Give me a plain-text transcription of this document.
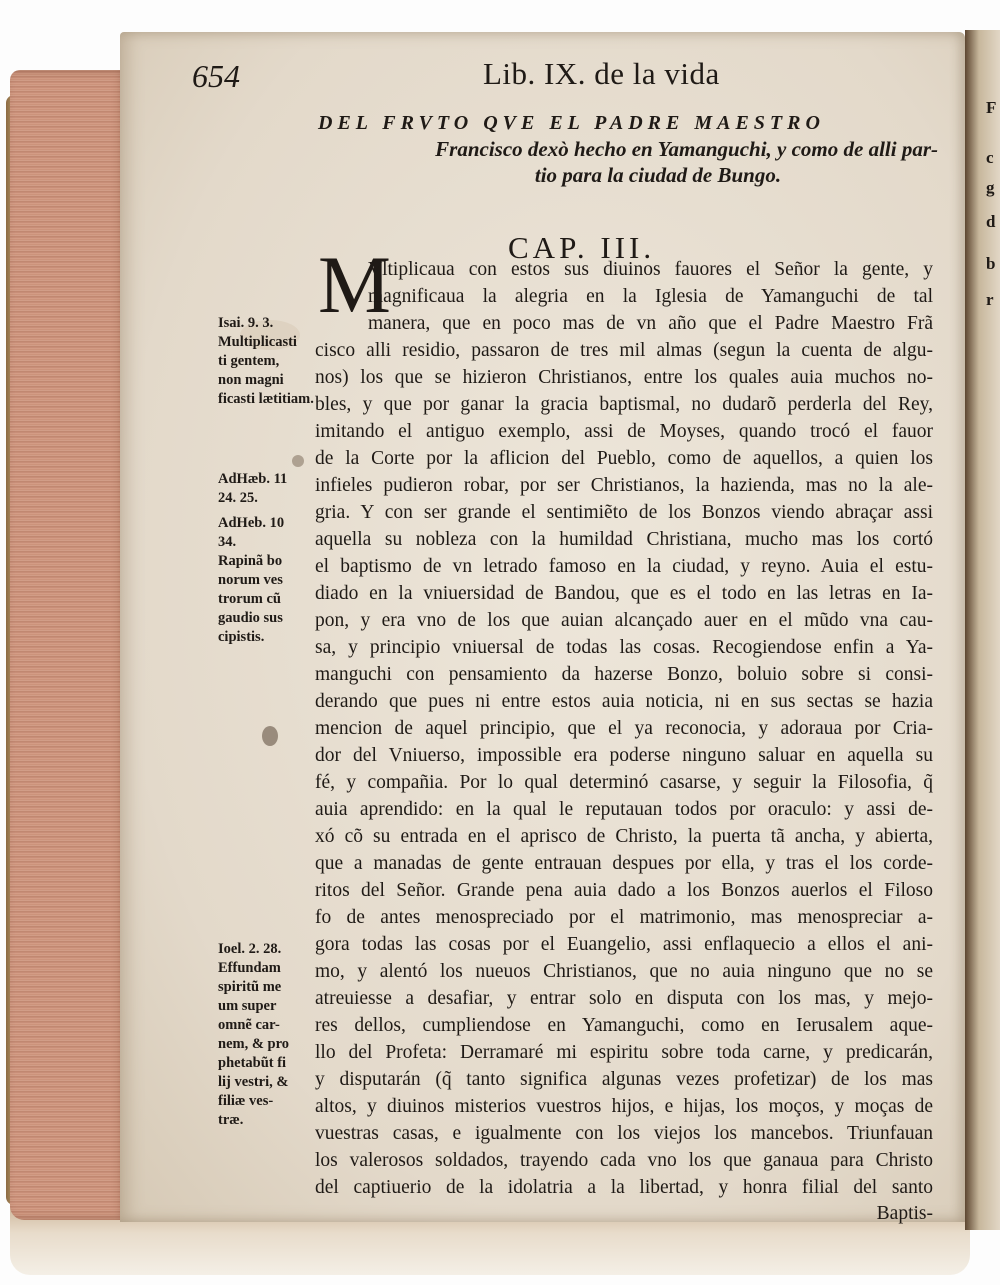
F
c
g
d
b
r
654	Lib. IX. de la vida
DEL FRVTO QVE EL PADRE MAESTRO
Francisco dexò hecho en Yamanguchi, y como de alli par-
tio para la ciudad de Bungo.
CAP. III.
M
Isai. 9. 3.
Multiplicasti
ti gentem,
non magni
ficasti lætitiam.
AdHæb. 11
24. 25.
AdHeb. 10
34.
Rapinã bo
norum ves
trorum cũ
gaudio sus
cipistis.
Ioel. 2. 28.
Effundam
spiritũ me
um super
omnẽ car-
nem, & pro
phetabũt fi
lij vestri, &
filiæ ves-
træ.
Vltiplicaua con estos sus diuinos fauores el Señor la gente, y
magnificaua la alegria en la Iglesia de Yamanguchi de tal
manera, que en poco mas de vn año que el Padre Maestro Frã
cisco alli residio, passaron de tres mil almas (segun la cuenta de algu-
nos) los que se hizieron Christianos, entre los quales auia muchos no-
bles, y que por ganar la gracia baptismal, no dudarõ perderla del Rey,
imitando el antiguo exemplo, assi de Moyses, quando trocó el fauor
de la Corte por la aflicion del Pueblo, como de aquellos, a quien los
infieles pudieron robar, por ser Christianos, la hazienda, mas no la ale-
gria. Y con ser grande el sentimiẽto de los Bonzos viendo abraçar assi
aquella su nobleza con la humildad Christiana, mucho mas los cortó
el baptismo de vn letrado famoso en la ciudad, y reyno. Auia el estu-
diado en la vniuersidad de Bandou, que es el todo en las letras en Ia-
pon, y era vno de los que auian alcançado auer en el mũdo vna cau-
sa, y principio vniuersal de todas las cosas. Recogiendose enfin a Ya-
manguchi con pensamiento da hazerse Bonzo, boluio sobre si consi-
derando que pues ni entre estos auia noticia, ni en sus sectas se hazia
mencion de aquel principio, que el ya reconocia, y adoraua por Cria-
dor del Vniuerso, impossible era poderse ninguno saluar en aquella su
fé, y compañia. Por lo qual determinó casarse, y seguir la Filosofia, q̃
auia aprendido: en la qual le reputauan todos por oraculo: y assi de-
xó cõ su entrada en el aprisco de Christo, la puerta tã ancha, y abierta,
que a manadas de gente entrauan despues por ella, y tras el los corde-
ritos del Señor. Grande pena auia dado a los Bonzos auerlos el Filoso
fo de antes menospreciado por el matrimonio, mas menospreciar a-
gora todas las cosas por el Euangelio, assi enflaquecio a ellos el ani-
mo, y alentó los nueuos Christianos, que no auia ninguno que no se
atreuiesse a desafiar, y entrar solo en disputa con los mas, y mejo-
res dellos, cumpliendose en Yamanguchi, como en Ierusalem aque-
llo del Profeta: Derramaré mi espiritu sobre toda carne, y predicarán,
y disputarán (q̃ tanto significa algunas vezes profetizar) de los mas
altos, y diuinos misterios vuestros hijos, e hijas, los moços, y moças de
vuestras casas, e igualmente con los viejos los mancebos. Triunfauan
los valerosos soldados, trayendo cada vno los que ganaua para Christo
del captiuerio de la idolatria a la libertad, y honra filial del santo
Baptis-
